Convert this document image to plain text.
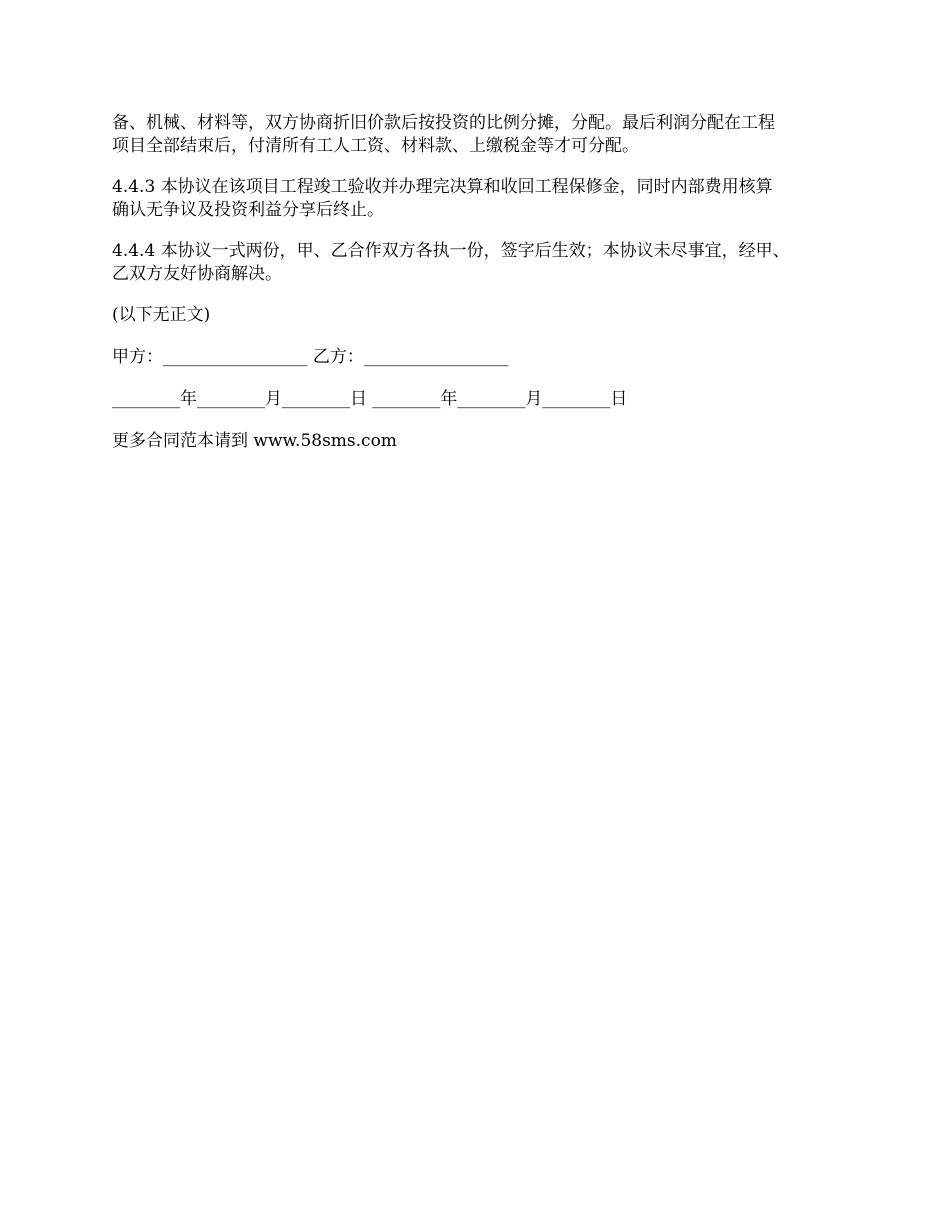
备、机械、材料等，双方协商折旧价款后按投资的比例分摊，分配。最后利润分配在工程
项目全部结束后，付清所有工人工资、材料款、上缴税金等才可分配。

4.4.3 本协议在该项目工程竣工验收并办理完决算和收回工程保修金，同时内部费用核算
确认无争议及投资利益分享后终止。

4.4.4 本协议一式两份，甲、乙合作双方各执一份，签字后生效；本协议未尽事宜，经甲、
乙双方友好协商解决。

(以下无正文)

甲方：_________________ 乙方：_________________

________年________月________日 ________年________月________日

更多合同范本请到 www.58sms.com
